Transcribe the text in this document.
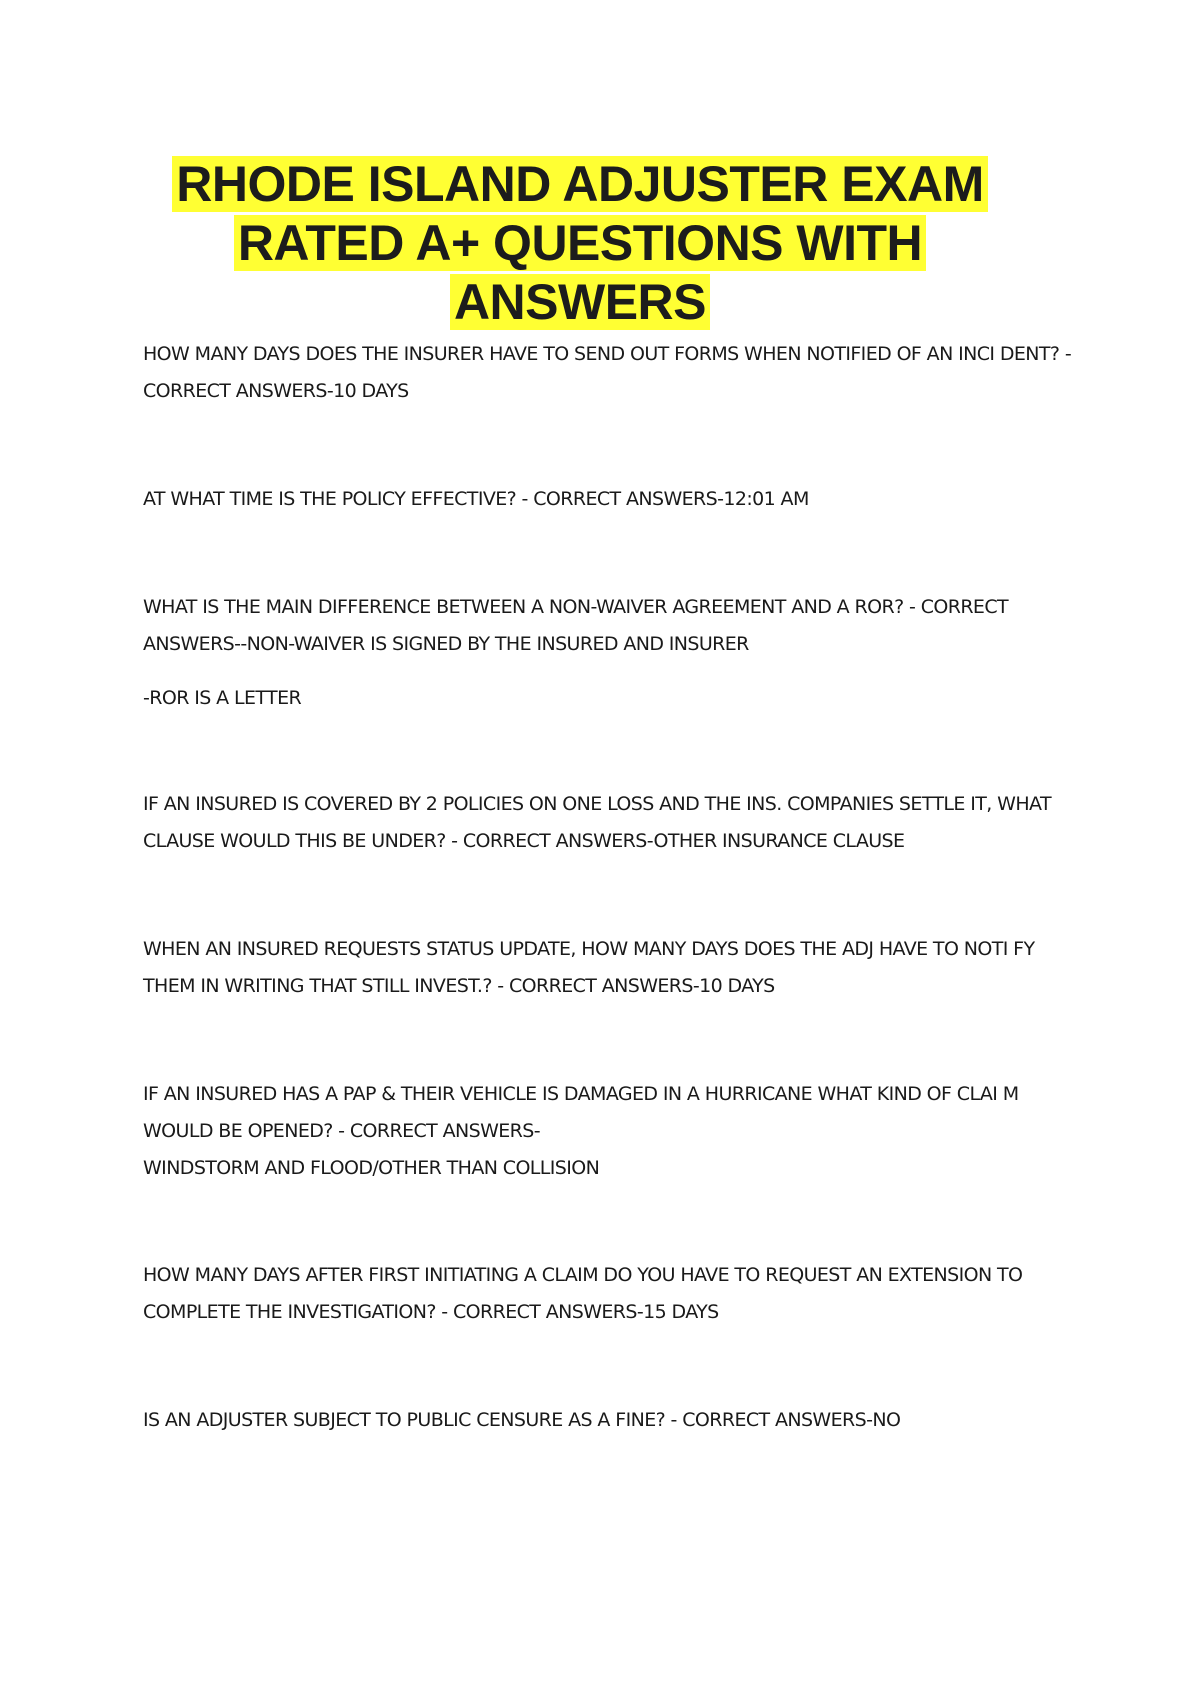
RHODE ISLAND ADJUSTER EXAM RATED A+ QUESTIONS WITH ANSWERS

HOW MANY DAYS DOES THE INSURER HAVE TO SEND OUT FORMS WHEN NOTIFIED OF AN INCI DENT? - CORRECT ANSWERS-10 DAYS

AT WHAT TIME IS THE POLICY EFFECTIVE? - CORRECT ANSWERS-12:01 AM

WHAT IS THE MAIN DIFFERENCE BETWEEN A NON-WAIVER AGREEMENT AND A ROR? - CORRECT ANSWERS--NON-WAIVER IS SIGNED BY THE INSURED AND INSURER

-ROR IS A LETTER

IF AN INSURED IS COVERED BY 2 POLICIES ON ONE LOSS AND THE INS. COMPANIES SETTLE IT, WHAT CLAUSE WOULD THIS BE UNDER? - CORRECT ANSWERS-OTHER INSURANCE CLAUSE

WHEN AN INSURED REQUESTS STATUS UPDATE, HOW MANY DAYS DOES THE ADJ HAVE TO NOTI FY THEM IN WRITING THAT STILL INVEST.? - CORRECT ANSWERS-10 DAYS

IF AN INSURED HAS A PAP & THEIR VEHICLE IS DAMAGED IN A HURRICANE WHAT KIND OF CLAI M WOULD BE OPENED? - CORRECT ANSWERS-

WINDSTORM AND FLOOD/OTHER THAN COLLISION

HOW MANY DAYS AFTER FIRST INITIATING A CLAIM DO YOU HAVE TO REQUEST AN EXTENSION TO COMPLETE THE INVESTIGATION? - CORRECT ANSWERS-15 DAYS

IS AN ADJUSTER SUBJECT TO PUBLIC CENSURE AS A FINE? - CORRECT ANSWERS-NO
